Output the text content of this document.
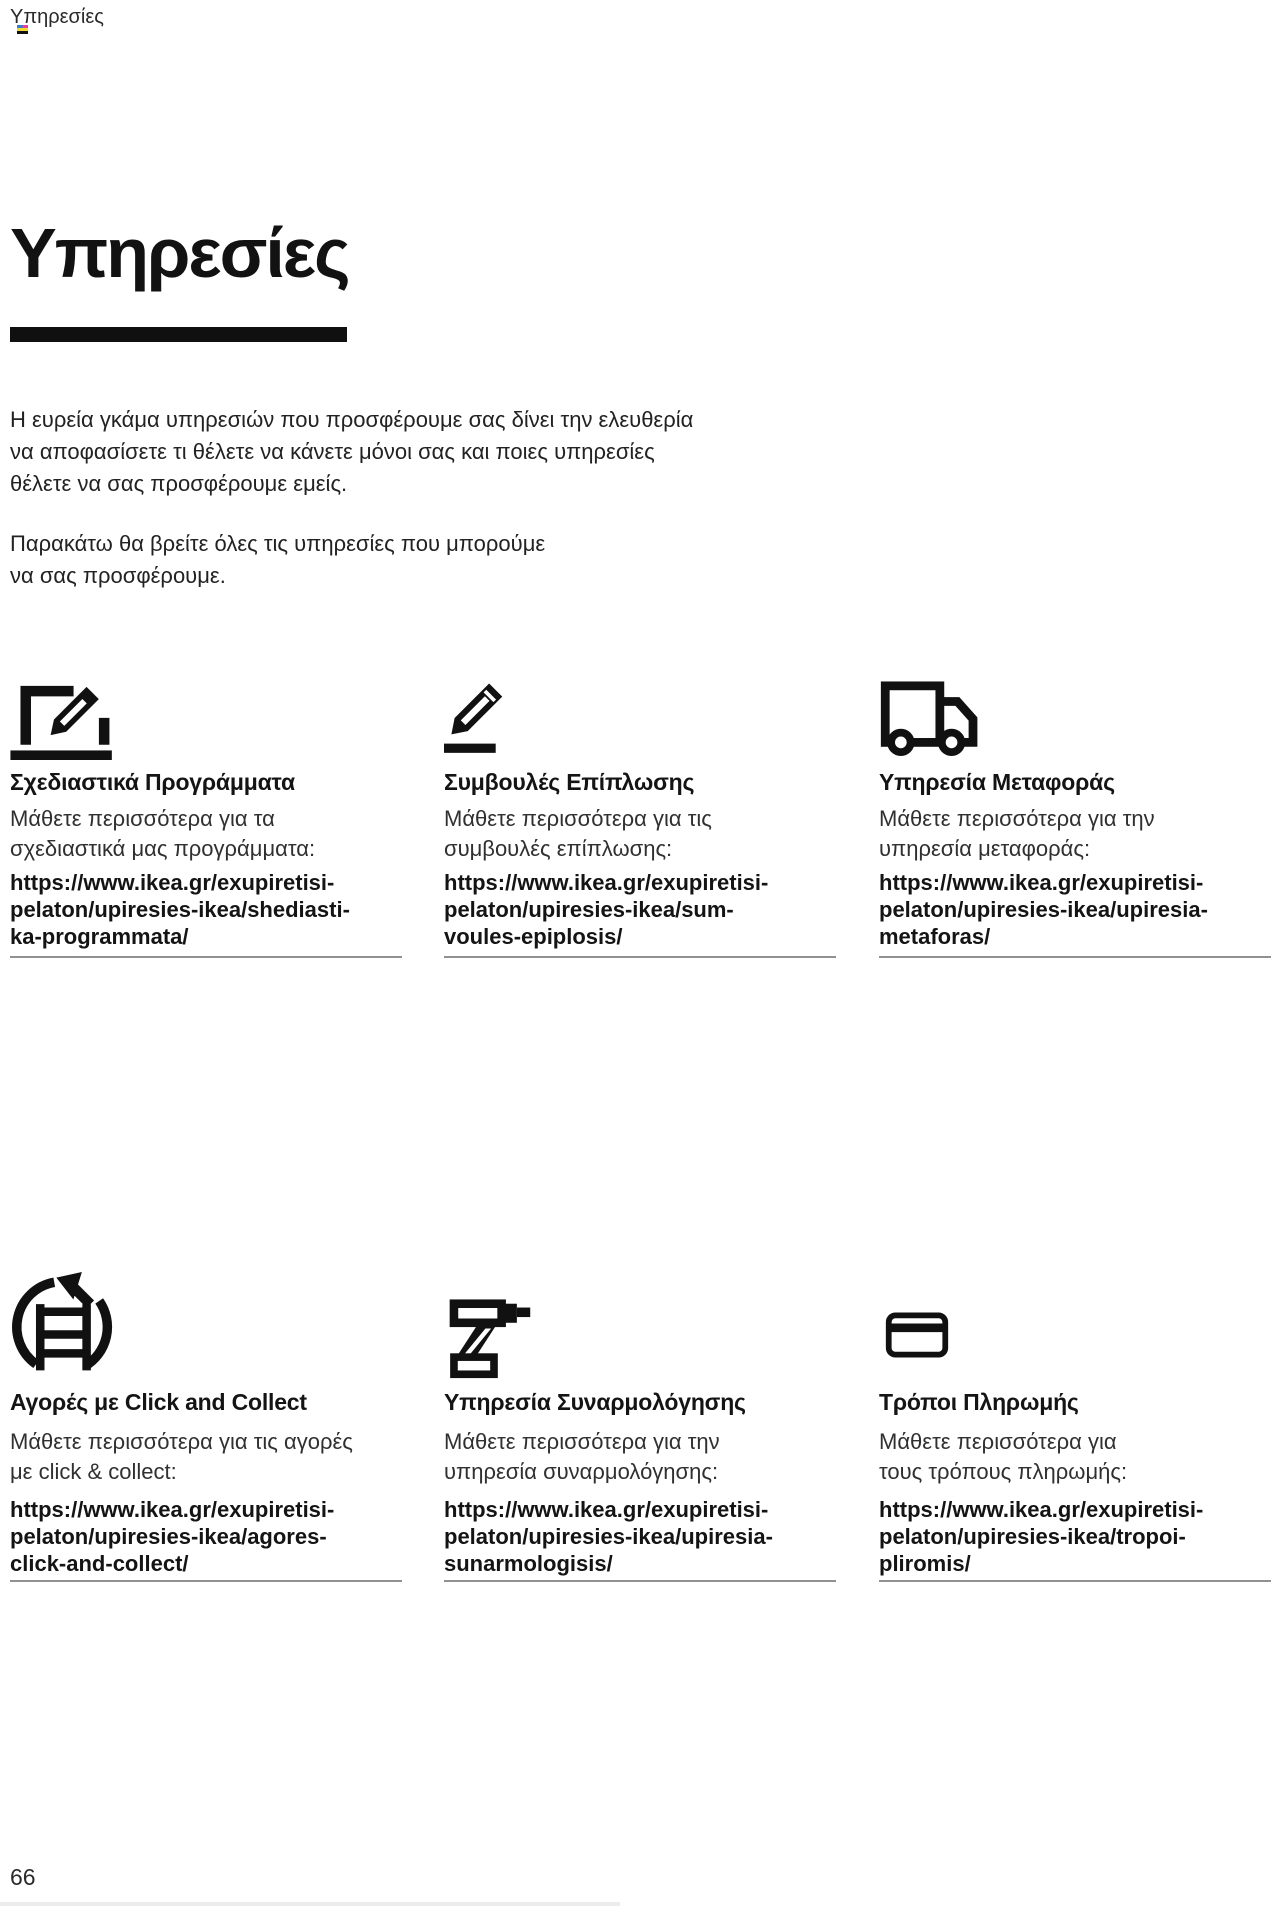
Υπηρεσίες
Υπηρεσίες
Η ευρεία γκάμα υπηρεσιών που προσφέρουμε σας δίνει την ελευθερία
να αποφασίσετε τι θέλετε να κάνετε μόνοι σας και ποιες υπηρεσίες
θέλετε να σας προσφέρουμε εμείς.
Παρακάτω θα βρείτε όλες τις υπηρεσίες που μπορούμε
να σας προσφέρουμε.
Σχεδιαστικά Προγράμματα
Μάθετε περισσότερα για τα
σχεδιαστικά μας προγράμματα:
https://www.ikea.gr/exupiretisi-
pelaton/upiresies-ikea/shediasti-
ka-programmata/
Συμβουλές Επίπλωσης
Μάθετε περισσότερα για τις
συμβουλές επίπλωσης:
https://www.ikea.gr/exupiretisi-
pelaton/upiresies-ikea/sum-
voules-epiplosis/
Υπηρεσία Μεταφοράς
Μάθετε περισσότερα για την
υπηρεσία μεταφοράς:
https://www.ikea.gr/exupiretisi-
pelaton/upiresies-ikea/upiresia-
metaforas/
Αγορές με Click and Collect
Μάθετε περισσότερα για τις αγορές
με click & collect:
https://www.ikea.gr/exupiretisi-
pelaton/upiresies-ikea/agores-
click-and-collect/
Υπηρεσία Συναρμολόγησης
Μάθετε περισσότερα για την
υπηρεσία συναρμολόγησης:
https://www.ikea.gr/exupiretisi-
pelaton/upiresies-ikea/upiresia-
sunarmologisis/
Τρόποι Πληρωμής
Μάθετε περισσότερα για
τους τρόπους πληρωμής:
https://www.ikea.gr/exupiretisi-
pelaton/upiresies-ikea/tropoi-
pliromis/
66
